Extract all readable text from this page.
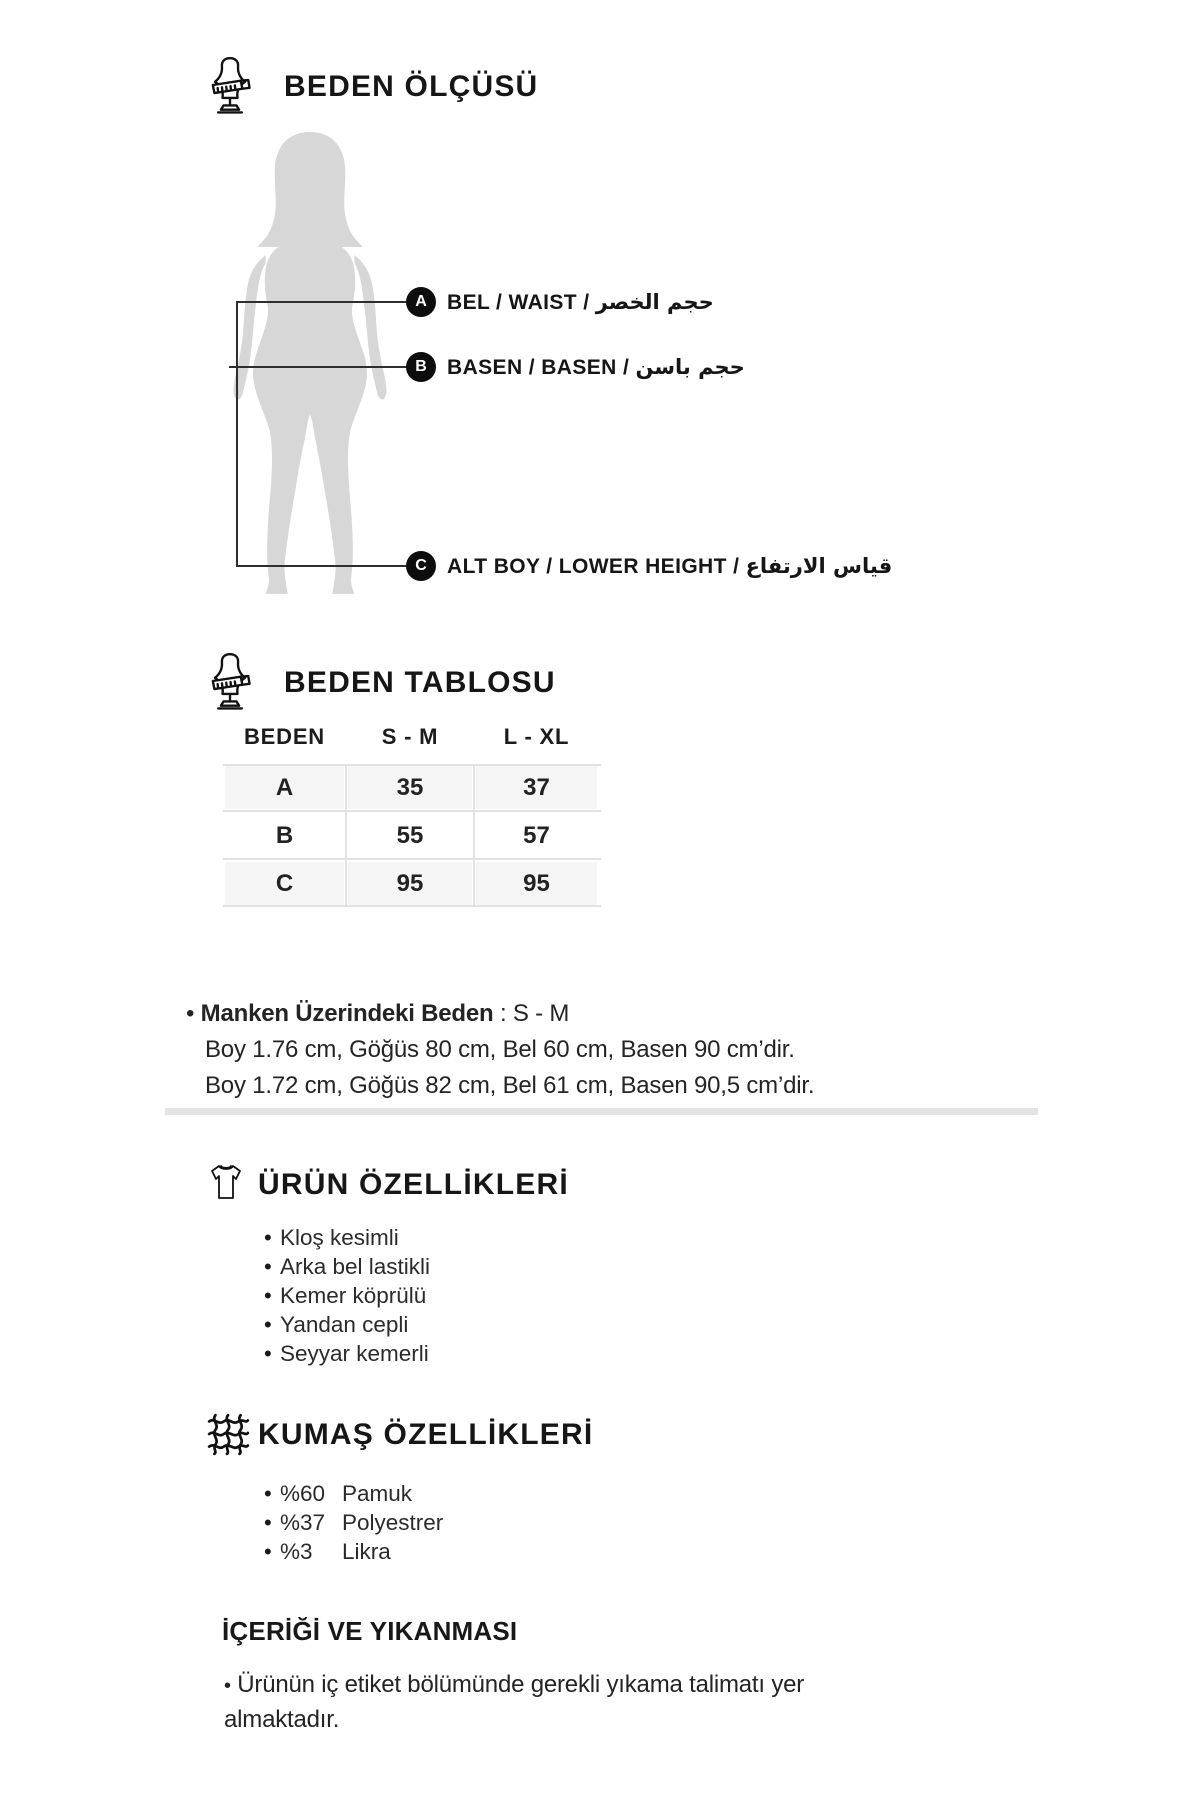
BEDEN ÖLÇÜSÜ
A BEL / WAIST / حجم الخصر
B BASEN / BASEN / حجم باسن
C ALT BOY / LOWER HEIGHT / قياس الارتفاع
BEDEN TABLOSU
BEDEN	S - M	L - XL
A	35	37
B	55	57
C	95	95
• Manken Üzerindeki Beden : S - M
Boy 1.76 cm, Göğüs 80 cm, Bel 60 cm, Basen 90 cm’dir.
Boy 1.72 cm, Göğüs 82 cm, Bel 61 cm, Basen 90,5 cm’dir.
ÜRÜN ÖZELLİKLERİ
• Kloş kesimli
• Arka bel lastikli
• Kemer köprülü
• Yandan cepli
• Seyyar kemerli
KUMAŞ ÖZELLİKLERİ
• %60 Pamuk
• %37 Polyestrer
• %3	Likra
İÇERİĞİ VE YIKANMASI
• Ürünün iç etiket bölümünde gerekli yıkama talimatı yer almaktadır.
